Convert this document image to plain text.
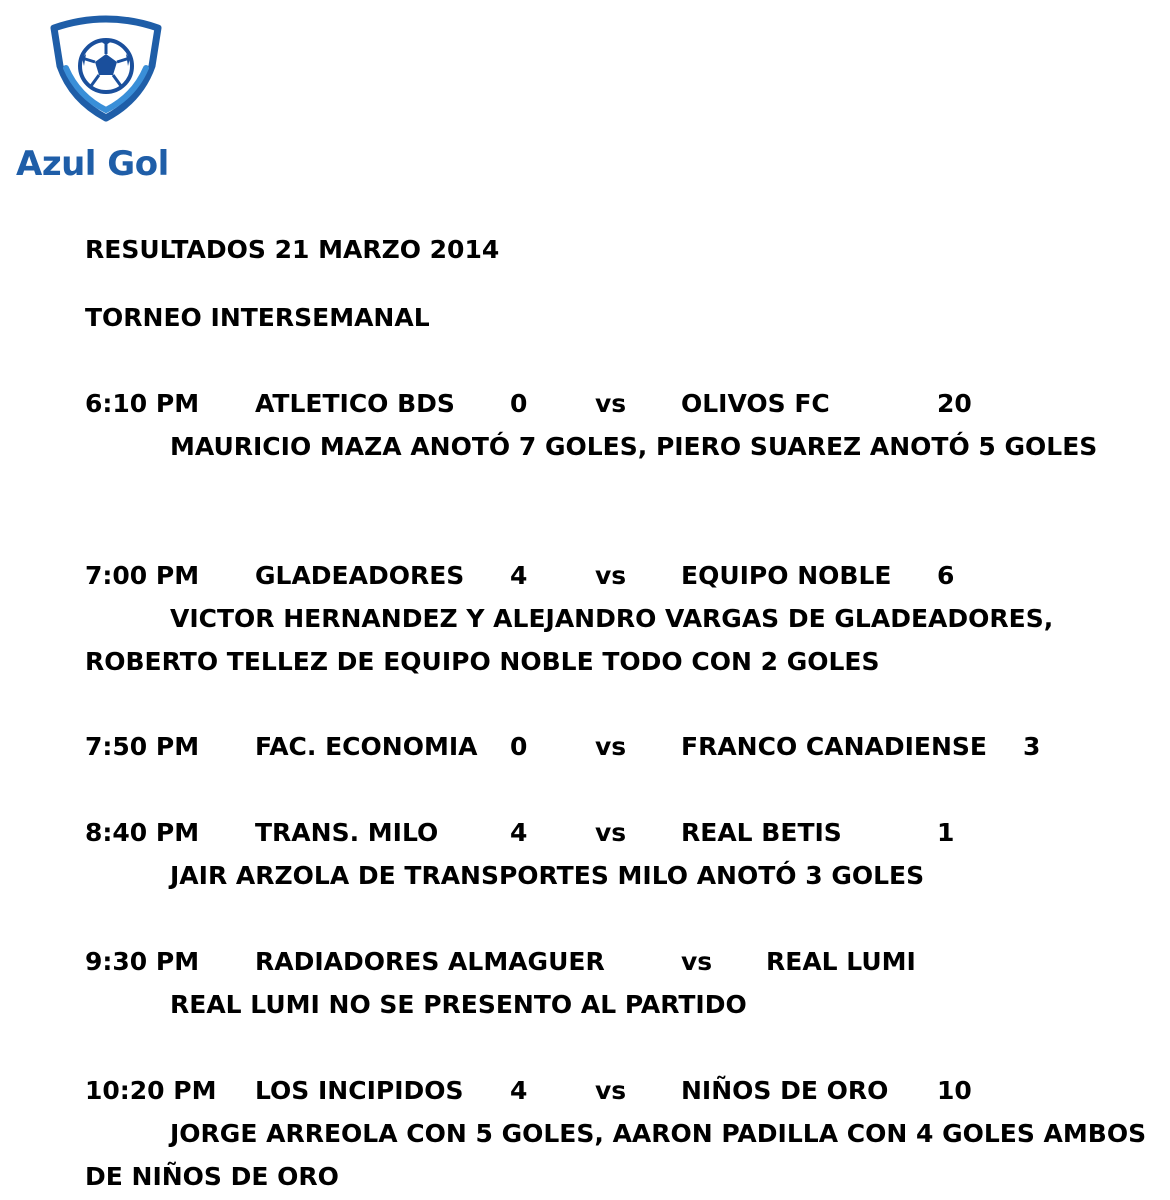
Azul Gol
RESULTADOS 21 MARZO 2014
TORNEO INTERSEMANAL
6:10 PM ATLETICO BDS 0	vs OLIVOS FC	20
MAURICIO MAZA ANOTÓ 7 GOLES, PIERO SUAREZ ANOTÓ 5 GOLES
7:00 PM GLADEADORES 4	vs EQUIPO NOBLE 6
VICTOR HERNANDEZ Y ALEJANDRO VARGAS DE GLADEADORES, ROBERTO TELLEZ DE EQUIPO NOBLE TODO CON 2 GOLES
7:50 PM FAC. ECONOMIA 0	vs FRANCO CANADIENSE 3
8:40 PM TRANS. MILO	4	vs REAL BETIS	1
JAIR ARZOLA DE TRANSPORTES MILO ANOTÓ 3 GOLES
9:30 PM RADIADORES ALMAGUER	vs REAL LUMI
REAL LUMI NO SE PRESENTO AL PARTIDO
10:20 PM LOS INCIPIDOS 4	vs NIÑOS DE ORO 10
JORGE ARREOLA CON 5 GOLES, AARON PADILLA CON 4 GOLES AMBOS DE NIÑOS DE ORO
